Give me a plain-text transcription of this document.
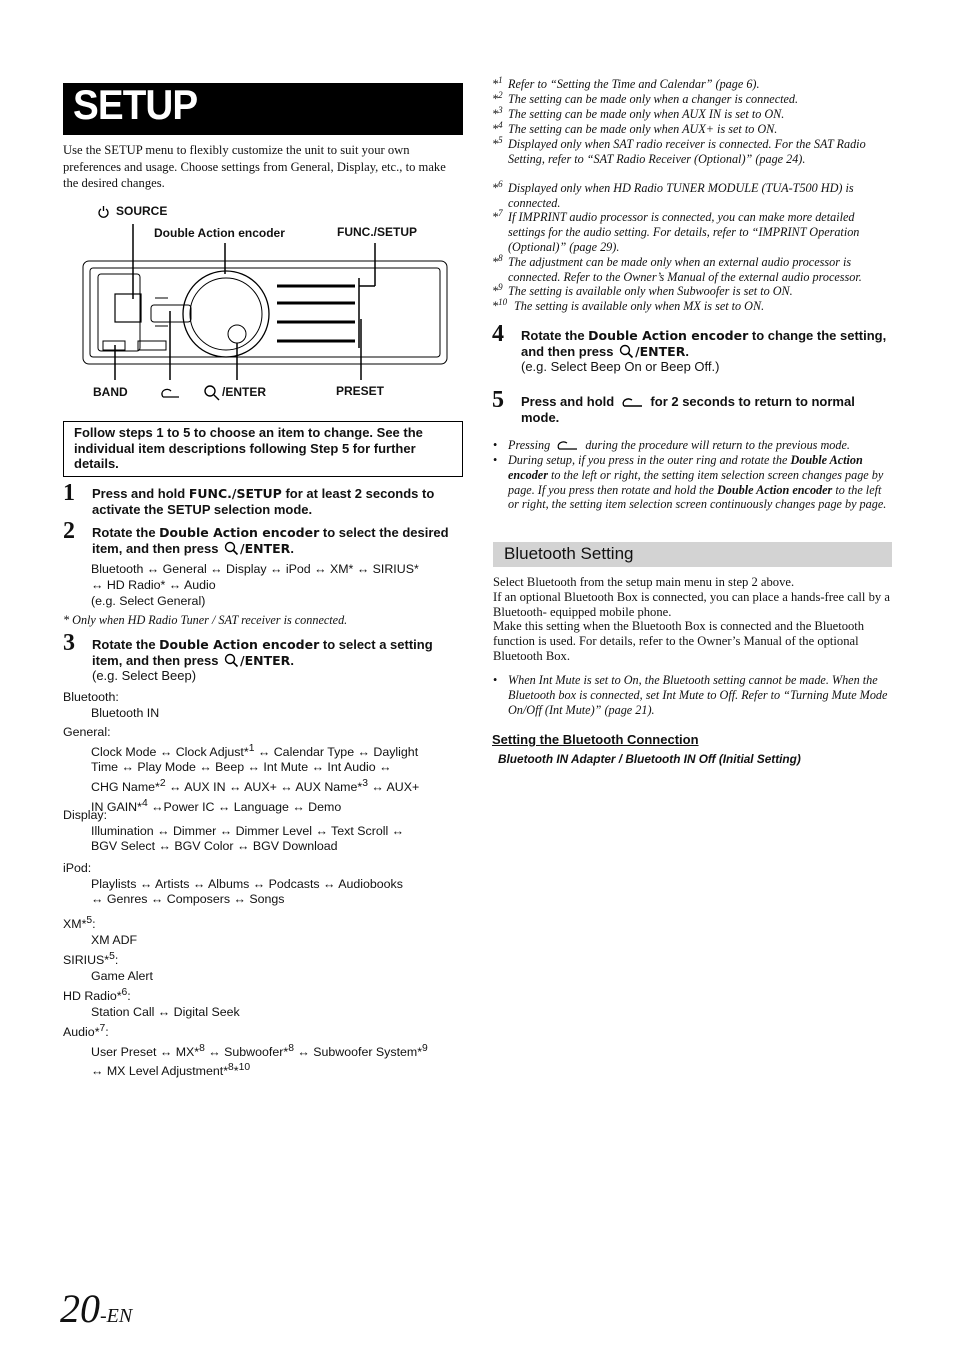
SETUP
Use the SETUP menu to flexibly customize the unit to suit your own preferences and usage. Choose settings from General, Display, etc., to make the desired changes.
SOURCE
Double Action encoder	FUNC./SETUP
BAND	/ENTER	PRESET
Follow steps 1 to 5 to choose an item to change. See the individual item descriptions following Step 5 for further details.
1 Press and hold FUNC./SETUP for at least 2 seconds to activate the SETUP selection mode.
2 Rotate the Double Action encoder to select the desired item, and then press /ENTER.
Bluetooth ↔ General ↔ Display ↔ iPod ↔ XM* ↔ SIRIUS*
↔ HD Radio* ↔ Audio
(e.g. Select General)
* Only when HD Radio Tuner / SAT receiver is connected.
3 Rotate the Double Action encoder to select a setting item, and then press /ENTER.
(e.g. Select Beep)
Bluetooth:
Bluetooth IN
General:
Clock Mode ↔ Clock Adjust*$^1$ ↔ Calendar Type ↔ Daylight
Time ↔ Play Mode ↔ Beep ↔ Int Mute ↔ Int Audio ↔
CHG Name*$^2$ ↔ AUX IN ↔ AUX+ ↔ AUX Name*$^3$ ↔ AUX+
IN GAIN*$^4$ ↔Power IC ↔ Language ↔ Demo
Display:
Illumination ↔ Dimmer ↔ Dimmer Level ↔ Text Scroll ↔
BGV Select ↔ BGV Color ↔ BGV Download
iPod:
Playlists ↔ Artists ↔ Albums ↔ Podcasts ↔ Audiobooks
↔ Genres ↔ Composers ↔ Songs
XM*$^5$:
XM ADF
SIRIUS*$^5$:
Game Alert
HD Radio*$^6$:
Station Call ↔ Digital Seek
Audio*$^7$:
User Preset ↔ MX*$^8$ ↔ Subwoofer*$^8$ ↔ Subwoofer System*$^9$
↔ MX Level Adjustment*$^8$*$^{10}$
20-EN
*$^1$ Refer to “Setting the Time and Calendar” (page 6).
*$^2$ The setting can be made only when a changer is connected.
*$^3$ The setting can be made only when AUX IN is set to ON.
*$^4$ The setting can be made only when AUX+ is set to ON.
*$^5$ Displayed only when SAT radio receiver is connected. For the SAT Radio Setting, refer to “SAT Radio Receiver (Optional)” (page 24).
*$^6$ Displayed only when HD Radio TUNER MODULE (TUA-T500 HD) is connected.
*$^7$ If IMPRINT audio processor is connected, you can make more detailed settings for the audio setting. For details, refer to “IMPRINT Operation (Optional)” (page 29).
*$^8$ The adjustment can be made only when an external audio processor is connected. Refer to the Owner’s Manual of the external audio processor.
*$^9$ The setting is available only when Subwoofer is set to ON.
*$^{10}$ The setting is available only when MX is set to ON.
4 Rotate the Double Action encoder to change the setting, and then press /ENTER.
(e.g. Select Beep On or Beep Off.)
5 Press and hold  for 2 seconds to return to normal mode.
• Pressing  during the procedure will return to the previous mode.
• During setup, if you press in the outer ring and rotate the Double Action encoder to the left or right, the setting item selection screen changes page by page. If you press then rotate and hold the Double Action encoder to the left or right, the setting item selection screen continuously changes page by page.
Bluetooth Setting
Select Bluetooth from the setup main menu in step 2 above.
If an optional Bluetooth Box is connected, you can place a hands-free call by a Bluetooth- equipped mobile phone.
Make this setting when the Bluetooth Box is connected and the Bluetooth function is used. For details, refer to the Owner’s Manual of the optional Bluetooth Box.
• When Int Mute is set to On, the Bluetooth setting cannot be made. When the Bluetooth box is connected, set Int Mute to Off. Refer to “Turning Mute Mode On/Off (Int Mute)” (page 21).
Setting the Bluetooth Connection
Bluetooth IN Adapter / Bluetooth IN Off (Initial Setting)
